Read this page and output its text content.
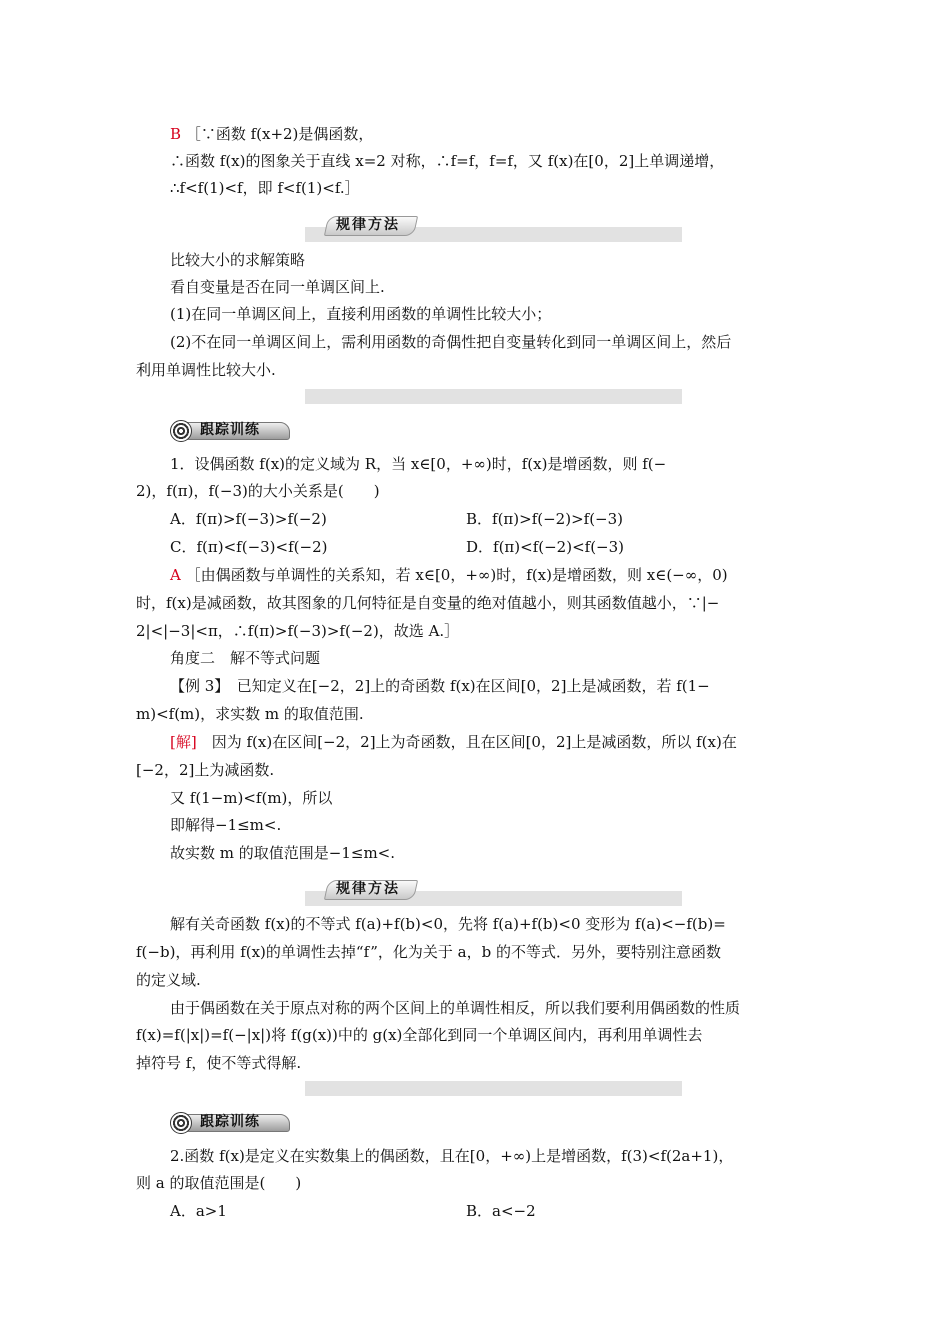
B ［∵函数 f(x+2)是偶函数，
∴函数 f(x)的图象关于直线 x=2 对称，∴f=f，f=f，又 f(x)在[0，2]上单调递增，
∴f<f(1)<f，即 f<f(1)<f.］
规律方法
比较大小的求解策略
看自变量是否在同一单调区间上.
(1)在同一单调区间上，直接利用函数的单调性比较大小；
(2)不在同一单调区间上，需利用函数的奇偶性把自变量转化到同一单调区间上，然后
利用单调性比较大小.
跟踪训练
1．设偶函数 f(x)的定义域为 R，当 x∈[0，+∞)时，f(x)是增函数，则 f(−
2)，f(π)，f(−3)的大小关系是(　　)
A．f(π)>f(−3)>f(−2)	B．f(π)>f(−2)>f(−3)
C．f(π)<f(−3)<f(−2)	D．f(π)<f(−2)<f(−3)
A ［由偶函数与单调性的关系知，若 x∈[0，+∞)时，f(x)是增函数，则 x∈(−∞，0)
时，f(x)是减函数，故其图象的几何特征是自变量的绝对值越小，则其函数值越小，∵|−
2|<|−3|<π，∴f(π)>f(−3)>f(−2)，故选 A.］
角度二　解不等式问题
【例 3】　已知定义在[−2，2]上的奇函数 f(x)在区间[0，2]上是减函数，若 f(1−
m)<f(m)，求实数 m 的取值范围.
[解]　因为 f(x)在区间[−2，2]上为奇函数，且在区间[0，2]上是减函数，所以 f(x)在
[−2，2]上为减函数.
又 f(1−m)<f(m)，所以
即解得−1≤m<.
故实数 m 的取值范围是−1≤m<.
规律方法
解有关奇函数 f(x)的不等式 f(a)+f(b)<0，先将 f(a)+f(b)<0 变形为 f(a)<−f(b)=
f(−b)，再利用 f(x)的单调性去掉“f”，化为关于 a，b 的不等式．另外，要特别注意函数
的定义域.
由于偶函数在关于原点对称的两个区间上的单调性相反，所以我们要利用偶函数的性质
f(x)=f(|x|)=f(−|x|)将 f(g(x))中的 g(x)全部化到同一个单调区间内，再利用单调性去
掉符号 f，使不等式得解.
跟踪训练
2.函数 f(x)是定义在实数集上的偶函数，且在[0，+∞)上是增函数，f(3)<f(2a+1)，
则 a 的取值范围是(　　)
A．a>1	B．a<−2
